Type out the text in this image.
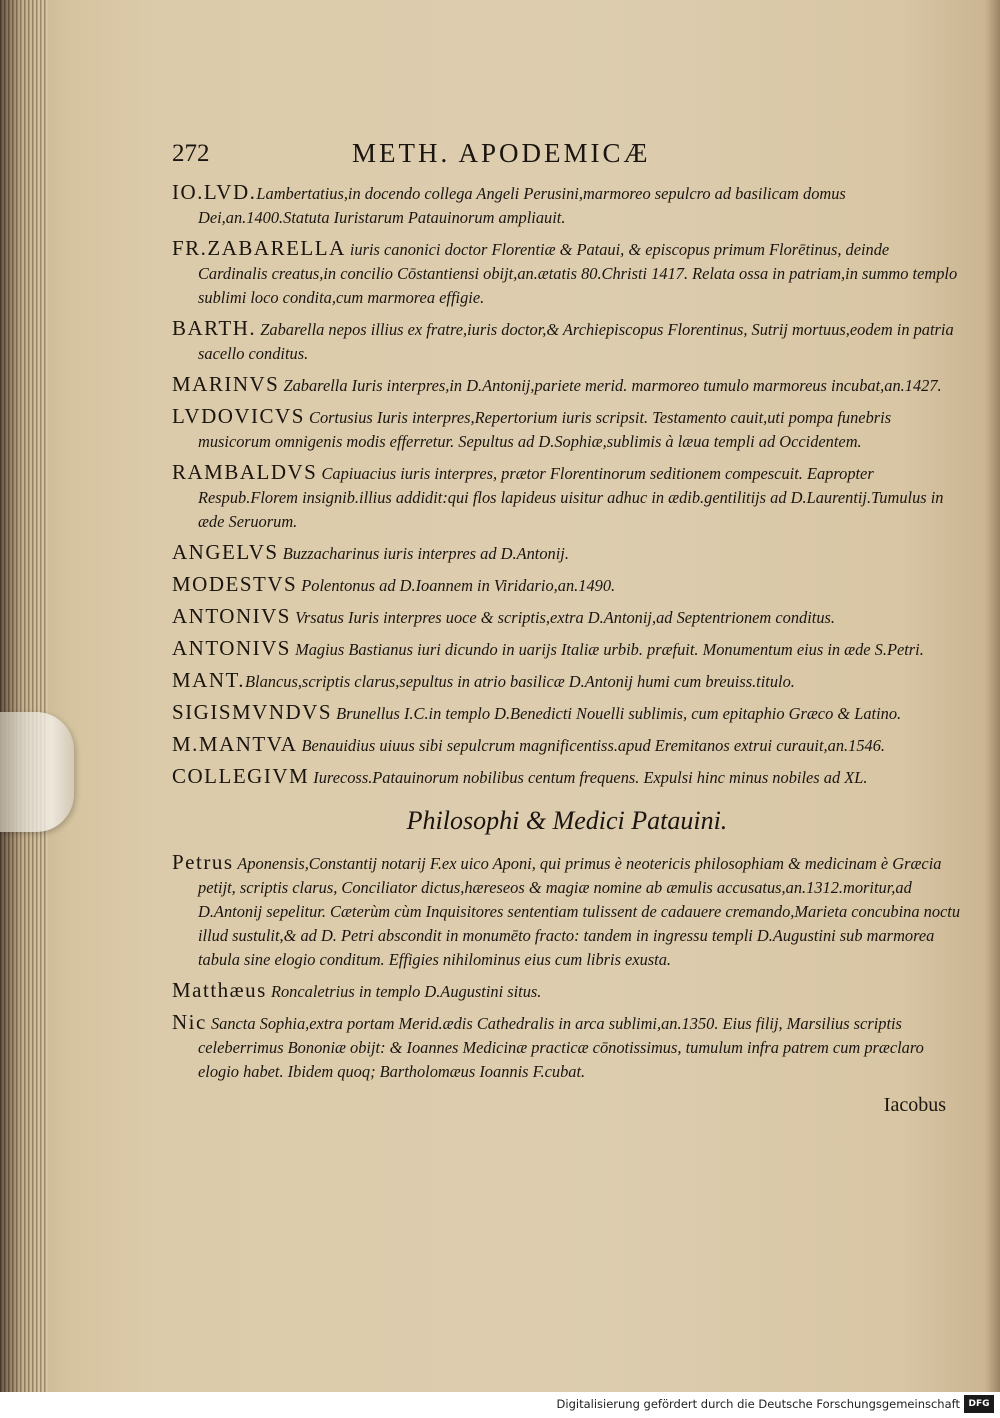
272	METH. APODEMICÆ

IO.LVD.Lambertatius,in docendo collega Angeli Perusini,marmoreo sepulcro ad basilicam domus Dei,an.1400.Statuta Iuristarum Patauinorum ampliauit.

FR.ZABARELLA iuris canonici doctor Florentiæ & Pataui, & episcopus primum Florētinus, deinde Cardinalis creatus,in concilio Cōstantiensi obijt,an.ætatis 80.Christi 1417. Relata ossa in patriam,in summo templo sublimi loco condita,cum marmorea effigie.

BARTH. Zabarella nepos illius ex fratre,iuris doctor,& Archiepiscopus Florentinus, Sutrij mortuus,eodem in patria sacello conditus.

MARINVS Zabarella Iuris interpres,in D.Antonij,pariete merid. marmoreo tumulo marmoreus incubat,an.1427.

LVDOVICVS Cortusius Iuris interpres,Repertorium iuris scripsit. Testamento cauit,uti pompa funebris musicorum omnigenis modis efferretur. Sepultus ad D.Sophiæ,sublimis à læua templi ad Occidentem.

RAMBALDVS Capiuacius iuris interpres, prætor Florentinorum seditionem compescuit. Eapropter Respub.Florem insignib.illius addidit:qui flos lapideus uisitur adhuc in ædib.gentilitijs ad D.Laurentij.Tumulus in æde Seruorum.

ANGELVS Buzzacharinus iuris interpres ad D.Antonij.

MODESTVS Polentonus ad D.Ioannem in Viridario,an.1490.

ANTONIVS Vrsatus Iuris interpres uoce & scriptis,extra D.Antonij,ad Septentrionem conditus.

ANTONIVS Magius Bastianus iuri dicundo in uarijs Italiæ urbib. præfuit. Monumentum eius in æde S.Petri.

MANT.Blancus,scriptis clarus,sepultus in atrio basilicæ D.Antonij humi cum breuiss.titulo.

SIGISMVNDVS Brunellus I.C.in templo D.Benedicti Nouelli sublimis, cum epitaphio Græco & Latino.

M.MANTVA Benauidius uiuus sibi sepulcrum magnificentiss.apud Eremitanos extrui curauit,an.1546.

COLLEGIVM Iurecoss.Patauinorum nobilibus centum frequens. Expulsi hinc minus nobiles ad XL.

Philosophi & Medici Patauini.

Petrus Aponensis,Constantij notarij F.ex uico Aponi, qui primus è neotericis philosophiam & medicinam è Græcia petijt, scriptis clarus, Conciliator dictus,hæreseos & magiæ nomine ab æmulis accusatus,an.1312.moritur,ad D.Antonij sepelitur. Cæterùm cùm Inquisitores sententiam tulissent de cadauere cremando,Marieta concubina noctu illud sustulit,& ad D. Petri abscondit in monumēto fracto: tandem in ingressu templi D.Augustini sub marmorea tabula sine elogio conditum. Effigies nihilominus eius cum libris exusta.

Matthæus Roncaletrius in templo D.Augustini situs.

Nic Sancta Sophia,extra portam Merid.ædis Cathedralis in arca sublimi,an.1350. Eius filij, Marsilius scriptis celeberrimus Bononiæ obijt: & Ioannes Medicinæ practicæ cōnotissimus, tumulum infra patrem cum præclaro elogio habet. Ibidem quoq; Bartholomæus Ioannis F.cubat.

Iacobus
Digitalisierung gefördert durch die Deutsche Forschungsgemeinschaft DFG
